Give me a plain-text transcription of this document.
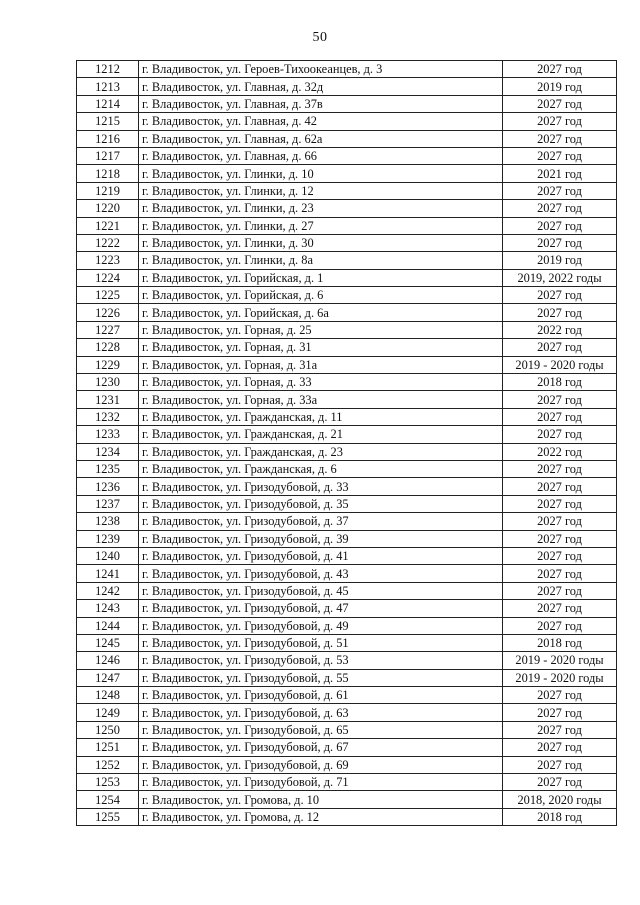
50
1212	г. Владивосток, ул. Героев-Тихоокеанцев, д. 3	2027 год
1213	г. Владивосток, ул. Главная, д. 32д	2019 год
1214	г. Владивосток, ул. Главная, д. 37в	2027 год
1215	г. Владивосток, ул. Главная, д. 42	2027 год
1216	г. Владивосток, ул. Главная, д. 62а	2027 год
1217	г. Владивосток, ул. Главная, д. 66	2027 год
1218	г. Владивосток, ул. Глинки, д. 10	2021 год
1219	г. Владивосток, ул. Глинки, д. 12	2027 год
1220	г. Владивосток, ул. Глинки, д. 23	2027 год
1221	г. Владивосток, ул. Глинки, д. 27	2027 год
1222	г. Владивосток, ул. Глинки, д. 30	2027 год
1223	г. Владивосток, ул. Глинки, д. 8а	2019 год
1224	г. Владивосток, ул. Горийская, д. 1	2019, 2022 годы
1225	г. Владивосток, ул. Горийская, д. 6	2027 год
1226	г. Владивосток, ул. Горийская, д. 6а	2027 год
1227	г. Владивосток, ул. Горная, д. 25	2022 год
1228	г. Владивосток, ул. Горная, д. 31	2027 год
1229	г. Владивосток, ул. Горная, д. 31а	2019 - 2020 годы
1230	г. Владивосток, ул. Горная, д. 33	2018 год
1231	г. Владивосток, ул. Горная, д. 33а	2027 год
1232	г. Владивосток, ул. Гражданская, д. 11	2027 год
1233	г. Владивосток, ул. Гражданская, д. 21	2027 год
1234	г. Владивосток, ул. Гражданская, д. 23	2022 год
1235	г. Владивосток, ул. Гражданская, д. 6	2027 год
1236	г. Владивосток, ул. Гризодубовой, д. 33	2027 год
1237	г. Владивосток, ул. Гризодубовой, д. 35	2027 год
1238	г. Владивосток, ул. Гризодубовой, д. 37	2027 год
1239	г. Владивосток, ул. Гризодубовой, д. 39	2027 год
1240	г. Владивосток, ул. Гризодубовой, д. 41	2027 год
1241	г. Владивосток, ул. Гризодубовой, д. 43	2027 год
1242	г. Владивосток, ул. Гризодубовой, д. 45	2027 год
1243	г. Владивосток, ул. Гризодубовой, д. 47	2027 год
1244	г. Владивосток, ул. Гризодубовой, д. 49	2027 год
1245	г. Владивосток, ул. Гризодубовой, д. 51	2018 год
1246	г. Владивосток, ул. Гризодубовой, д. 53	2019 - 2020 годы
1247	г. Владивосток, ул. Гризодубовой, д. 55	2019 - 2020 годы
1248	г. Владивосток, ул. Гризодубовой, д. 61	2027 год
1249	г. Владивосток, ул. Гризодубовой, д. 63	2027 год
1250	г. Владивосток, ул. Гризодубовой, д. 65	2027 год
1251	г. Владивосток, ул. Гризодубовой, д. 67	2027 год
1252	г. Владивосток, ул. Гризодубовой, д. 69	2027 год
1253	г. Владивосток, ул. Гризодубовой, д. 71	2027 год
1254	г. Владивосток, ул. Громова, д. 10	2018, 2020 годы
1255	г. Владивосток, ул. Громова, д. 12	2018 год
